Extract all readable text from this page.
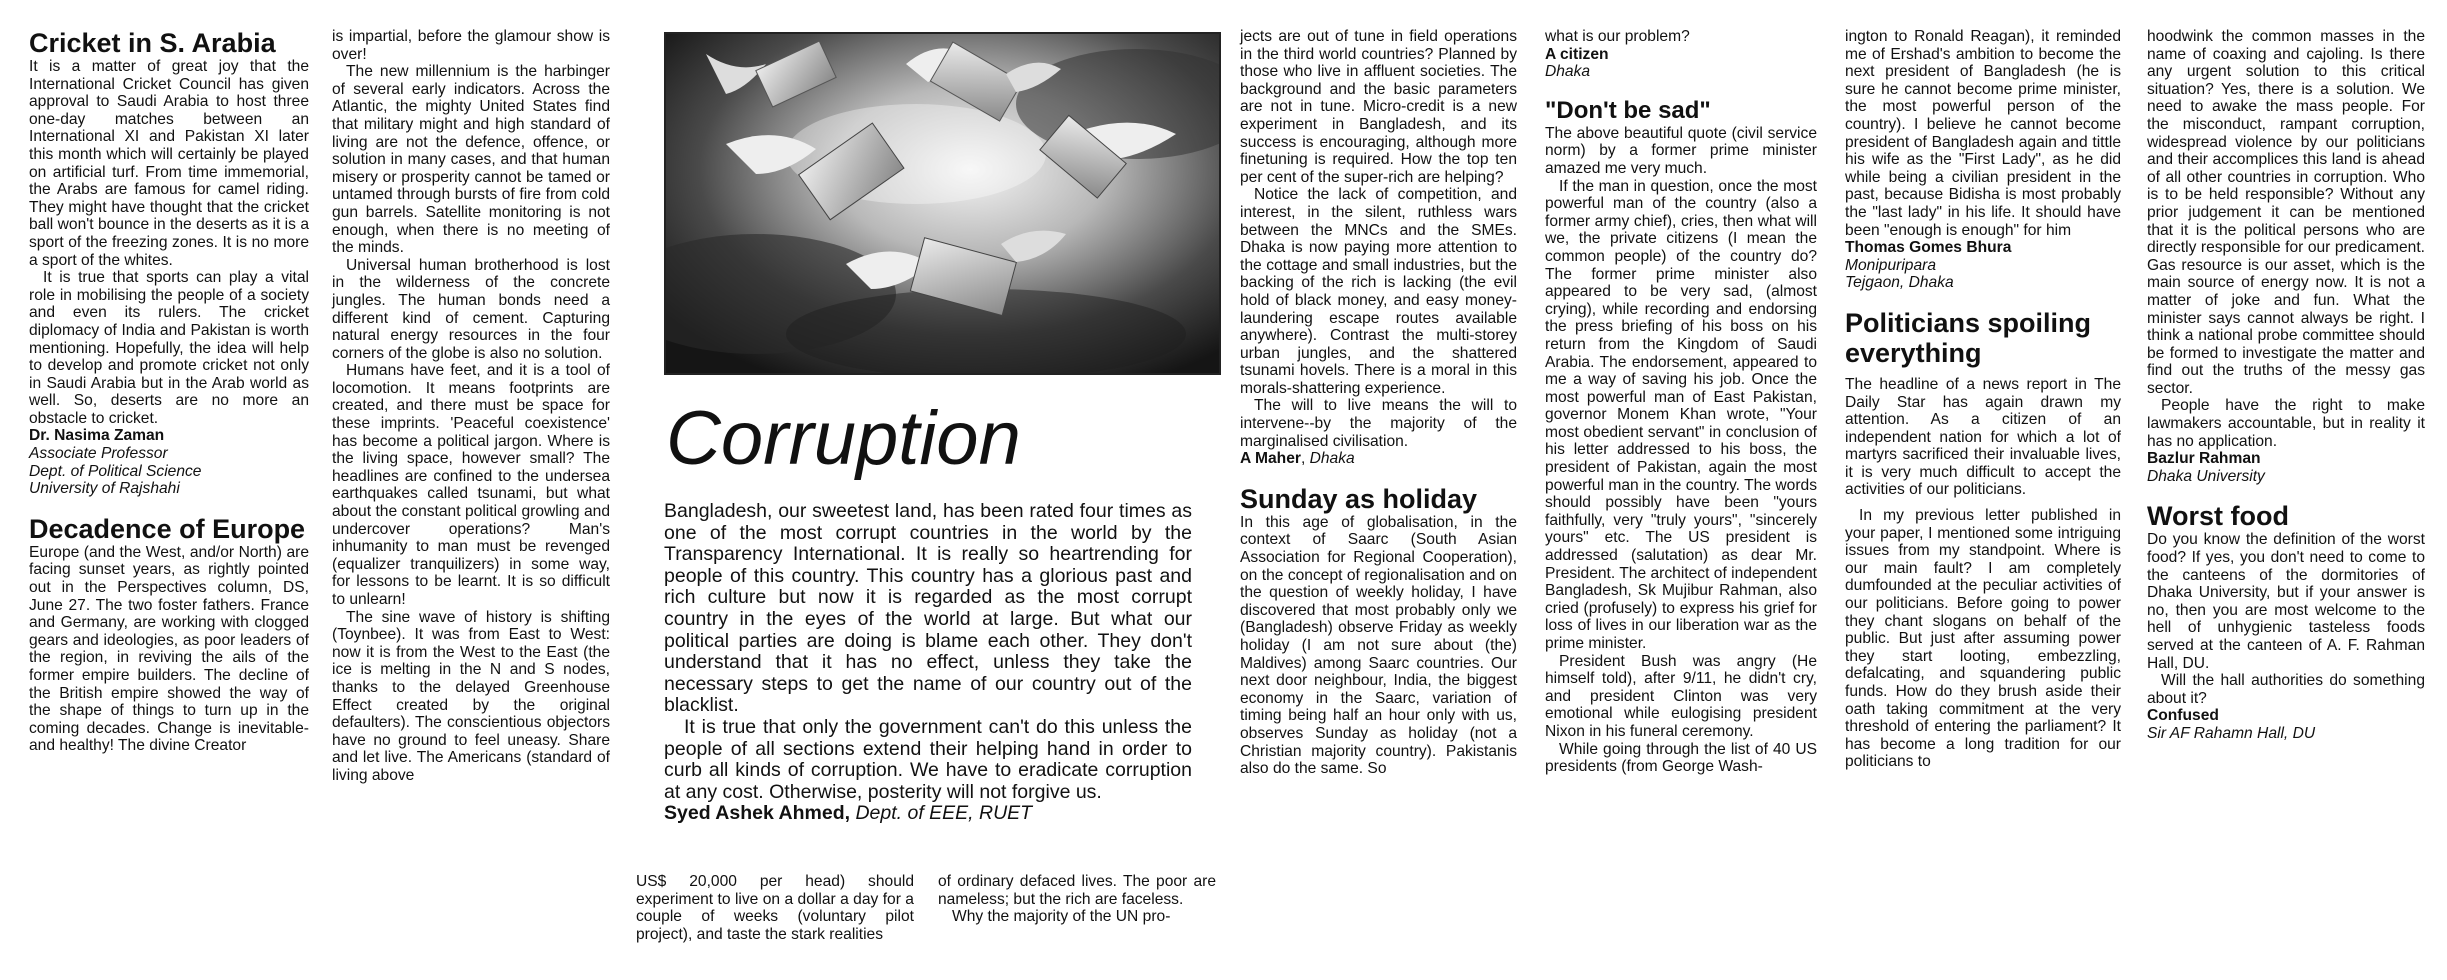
Cricket in S. Arabia

It is a matter of great joy that the International Cricket Council has given approval to Saudi Arabia to host three one-day matches between an International XI and Pakistan XI later this month which will certainly be played on artificial turf. From time immemorial, the Arabs are famous for camel riding. They might have thought that the cricket ball won't bounce in the deserts as it is a sport of the freezing zones. It is no more a sport of the whites.

It is true that sports can play a vital role in mobilising the people of a society and even its rulers. The cricket diplomacy of India and Pakistan is worth mentioning. Hopefully, the idea will help to develop and promote cricket not only in Saudi Arabia but in the Arab world as well. So, deserts are no more an obstacle to cricket.

Dr. Nasima Zaman
Associate Professor
Dept. of Political Science
University of Rajshahi
Decadence of Europe

Europe (and the West, and/or North) are facing sunset years, as rightly pointed out in the Perspectives column, DS, June 27. The two foster fathers. France and Germany, are working with clogged gears and ideologies, as poor leaders of the region, in reviving the ails of the former empire builders. The decline of the British empire showed the way of the shape of things to turn up in the coming decades. Change is inevitable-and healthy! The divine Creator

is impartial, before the glamour show is over!

The new millennium is the harbinger of several early indicators. Across the Atlantic, the mighty United States find that military might and high standard of living are not the defence, offence, or solution in many cases, and that human misery or prosperity cannot be tamed or untamed through bursts of fire from cold gun barrels. Satellite monitoring is not enough, when there is no meeting of the minds.

Universal human brotherhood is lost in the wilderness of the concrete jungles. The human bonds need a different kind of cement. Capturing natural energy resources in the four corners of the globe is also no solution.

Humans have feet, and it is a tool of locomotion. It means footprints are created, and there must be space for these imprints. 'Peaceful coexistence' has become a political jargon. Where is the living space, however small? The headlines are confined to the undersea earthquakes called tsunami, but what about the constant political growling and undercover operations? Man's inhumanity to man must be revenged (equalizer tranquilizers) in some way, for lessons to be learnt. It is so difficult to unlearn!

The sine wave of history is shifting (Toynbee). It was from East to West: now it is from the West to the East (the ice is melting in the N and S nodes, thanks to the delayed Greenhouse Effect created by the original defaulters). The conscientious objectors have no ground to feel uneasy. Share and let live. The Americans (standard of living above

Corruption

Bangladesh, our sweetest land, has been rated four times as one of the most corrupt countries in the world by the Transparency International. It is really so heartrending for people of this country. This country has a glorious past and rich culture but now it is regarded as the most corrupt country in the eyes of the world at large. But what our political parties are doing is blame each other. They don't understand that it has no effect, unless they take the necessary steps to get the name of our country out of the blacklist.

It is true that only the government can't do this unless the people of all sections extend their helping hand in order to curb all kinds of corruption. We have to eradicate corruption at any cost. Otherwise, posterity will not forgive us.

Syed Ashek Ahmed, Dept. of EEE, RUET

US$ 20,000 per head) should experiment to live on a dollar a day for a couple of weeks (voluntary pilot project), and taste the stark realities

of ordinary defaced lives. The poor are nameless; but the rich are faceless.

Why the majority of the UN pro-

jects are out of tune in field operations in the third world countries? Planned by those who live in affluent societies. The background and the basic parameters are not in tune. Micro-credit is a new experiment in Bangladesh, and its success is encouraging, although more finetuning is required. How the top ten per cent of the super-rich are helping?

Notice the lack of competition, and interest, in the silent, ruthless wars between the MNCs and the SMEs. Dhaka is now paying more attention to the cottage and small industries, but the backing of the rich is lacking (the evil hold of black money, and easy money-laundering escape routes available anywhere). Contrast the multi-storey urban jungles, and the shattered tsunami hovels. There is a moral in this morals-shattering experience.

The will to live means the will to intervene--by the majority of the marginalised civilisation.

A Maher, Dhaka
Sunday as holiday

In this age of globalisation, in the context of Saarc (South Asian Association for Regional Cooperation), on the concept of regionalisation and on the question of weekly holiday, I have discovered that most probably only we (Bangladesh) observe Friday as weekly holiday (I am not sure about (the) Maldives) among Saarc countries. Our next door neighbour, India, the biggest economy in the Saarc, variation of timing being half an hour only with us, observes Sunday as holiday (not a Christian majority country). Pakistanis also do the same. So

what is our problem?
A citizen
Dhaka
"Don't be sad"

The above beautiful quote (civil service norm) by a former prime minister amazed me very much.

If the man in question, once the most powerful man of the country (also a former army chief), cries, then what will we, the private citizens (I mean the common people) of the country do? The former prime minister also appeared to be very sad, (almost crying), while recording and endorsing the press briefing of his boss on his return from the Kingdom of Saudi Arabia. The endorsement, appeared to me a way of saving his job. Once the most powerful man of East Pakistan, governor Monem Khan wrote, "Your most obedient servant" in conclusion of his letter addressed to his boss, the president of Pakistan, again the most powerful man in the country. The words should possibly have been "yours faithfully, very "truly yours", "sincerely yours" etc. The US president is addressed (salutation) as dear Mr. President. The architect of independent Bangladesh, Sk Mujibur Rahman, also cried (profusely) to express his grief for loss of lives in our liberation war as the prime minister.

President Bush was angry (He himself told), after 9/11, he didn't cry, and president Clinton was very emotional while eulogising president Nixon in his funeral ceremony.

While going through the list of 40 US presidents (from George Wash-

ington to Ronald Reagan), it reminded me of Ershad's ambition to become the next president of Bangladesh (he is sure he cannot become prime minister, the most powerful person of the country). I believe he cannot become president of Bangladesh again and tittle his wife as the "First Lady", as he did while being a civilian president in the past, because Bidisha is most probably the "last lady" in his life. It should have been "enough is enough" for him

Thomas Gomes Bhura
Monipuripara
Tejgaon, Dhaka
Politicians spoiling everything

The headline of a news report in The Daily Star has again drawn my attention. As a citizen of an independent nation for which a lot of martyrs sacrificed their invaluable lives, it is very much difficult to accept the activities of our politicians.

In my previous letter published in your paper, I mentioned some intriguing issues from my standpoint. Where is our main fault? I am completely dumfounded at the peculiar activities of our politicians. Before going to power they chant slogans on behalf of the public. But just after assuming power they start looting, embezzling, defalcating, and squandering public funds. How do they brush aside their oath taking commitment at the very threshold of entering the parliament? It has become a long tradition for our politicians to

hoodwink the common masses in the name of coaxing and cajoling. Is there any urgent solution to this critical situation? Yes, there is a solution. We need to awake the mass people. For the misconduct, rampant corruption, widespread violence by our politicians and their accomplices this land is ahead of all other countries in corruption. Who is to be held responsible? Without any prior judgement it can be mentioned that it is the political persons who are directly responsible for our predicament. Gas resource is our asset, which is the main source of energy now. It is not a matter of joke and fun. What the minister says cannot always be right. I think a national probe committee should be formed to investigate the matter and find out the truths of the messy gas sector.

People have the right to make lawmakers accountable, but in reality it has no application.

Bazlur Rahman
Dhaka University
Worst food

Do you know the definition of the worst food? If yes, you don't need to come to the canteens of the dormitories of Dhaka University, but if your answer is no, then you are most welcome to the hell of unhygienic tasteless foods served at the canteen of A. F. Rahman Hall, DU.

Will the hall authorities do something about it?

Confused
Sir AF Rahamn Hall, DU
